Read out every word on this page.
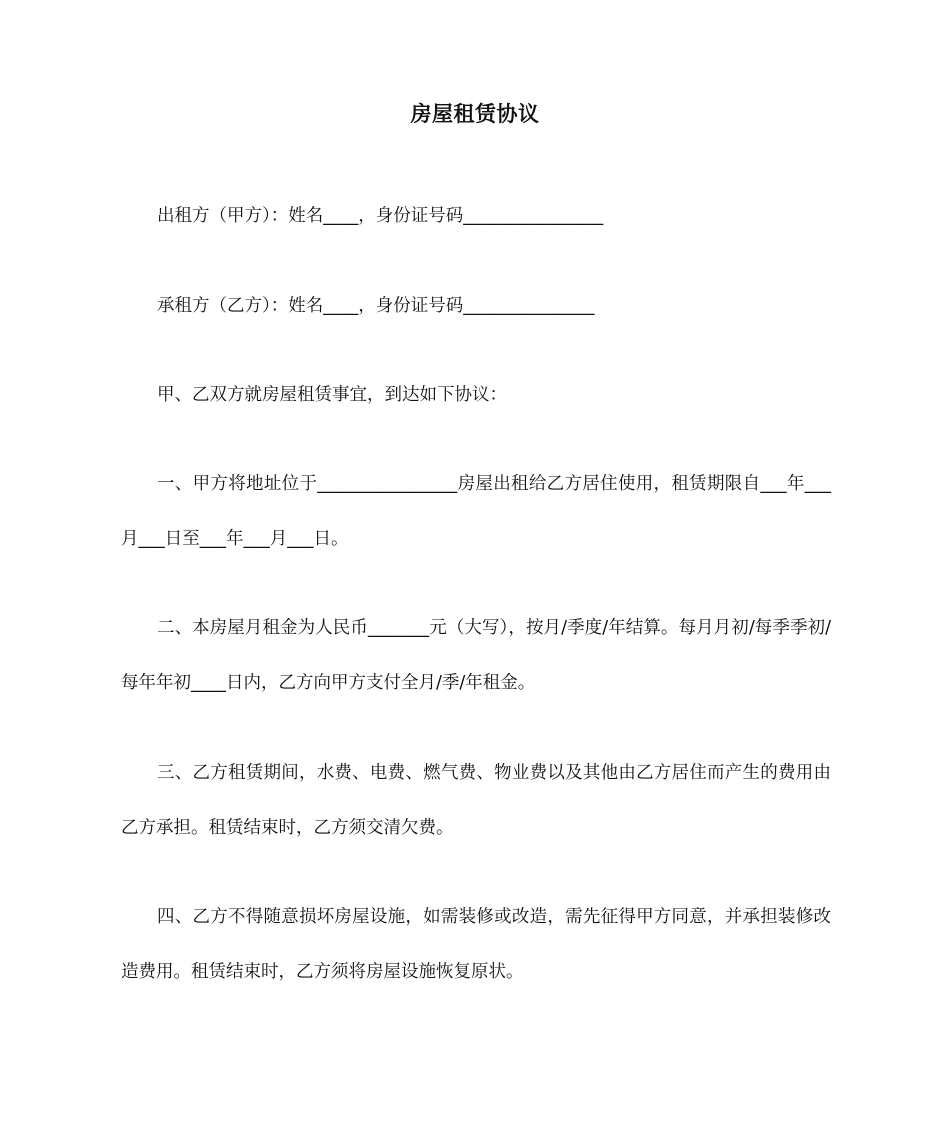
房屋租赁协议

出租方（甲方）：姓名____，身份证号码________________

承租方（乙方）：姓名____，身份证号码_______________

甲、乙双方就房屋租赁事宜，到达如下协议：

一、甲方将地址位于________________房屋出租给乙方居住使用，租赁期限自___年___月___日至___年___月___日。

二、本房屋月租金为人民币_______元（大写），按月/季度/年结算。每月月初/每季季初/每年年初____日内，乙方向甲方支付全月/季/年租金。

三、乙方租赁期间，水费、电费、燃气费、物业费以及其他由乙方居住而产生的费用由乙方承担。租赁结束时，乙方须交清欠费。

四、乙方不得随意损坏房屋设施，如需装修或改造，需先征得甲方同意，并承担装修改造费用。租赁结束时，乙方须将房屋设施恢复原状。
